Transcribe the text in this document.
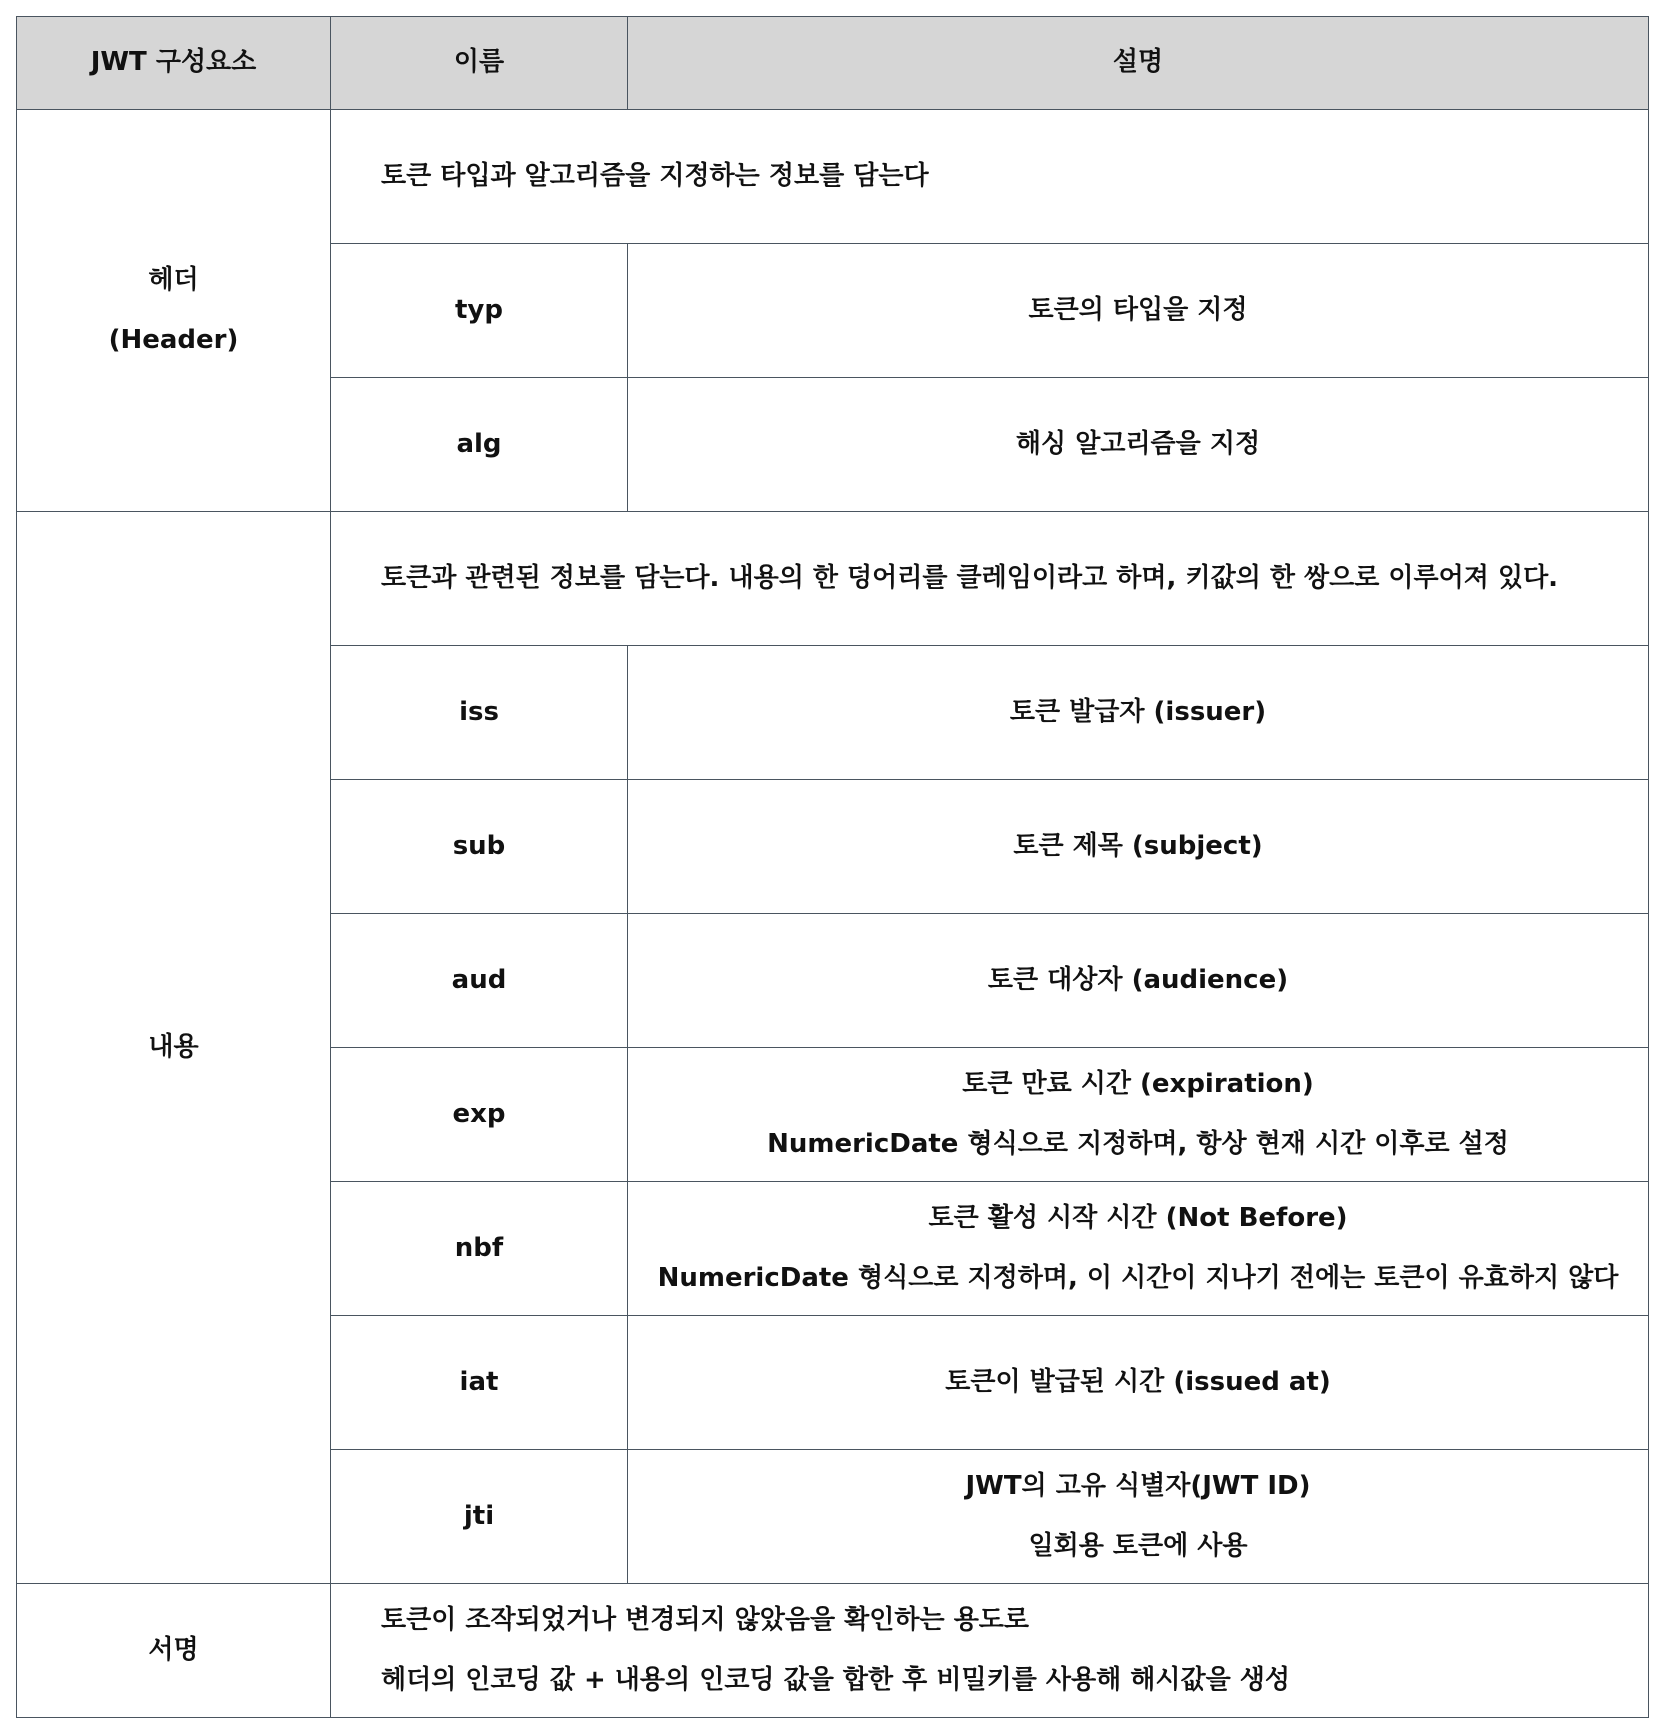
JWT 구성요소	이름	설명

헤더
(Header)	토큰 타입과 알고리즘을 지정하는 정보를 담는다	
	typ	토큰의 타입을 지정

	alg	해싱 알고리즘을 지정

내용	토큰과 관련된 정보를 담는다. 내용의 한 덩어리를 클레임이라고 하며, 키값의 한 쌍으로 이루어져 있다.	
	iss	토큰 발급자 (issuer)

	sub	토큰 제목 (subject)

	aud	토큰 대상자 (audience)

	exp	토큰 만료 시간 (expiration)
NumericDate 형식으로 지정하며, 항상 현재 시간 이후로 설정

	nbf	토큰 활성 시작 시간 (Not Before)
NumericDate 형식으로 지정하며, 이 시간이 지나기 전에는 토큰이 유효하지 않다

	iat	토큰이 발급된 시간 (issued at)

	jti	JWT의 고유 식별자(JWT ID)
일회용 토큰에 사용

서명	토큰이 조작되었거나 변경되지 않았음을 확인하는 용도로
헤더의 인코딩 값 + 내용의 인코딩 값을 합한 후 비밀키를 사용해 해시값을 생성	
